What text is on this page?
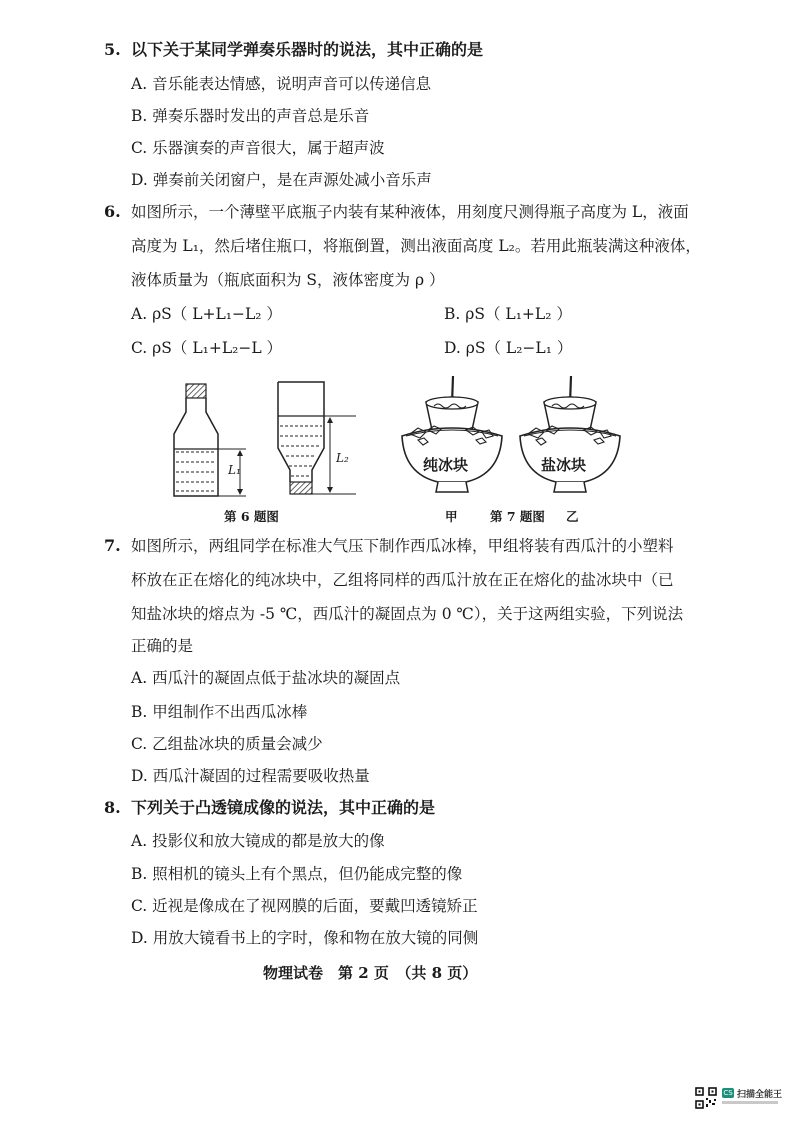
5. 以下关于某同学弹奏乐器时的说法，其中正确的是
A. 音乐能表达情感，说明声音可以传递信息
B. 弹奏乐器时发出的声音总是乐音
C. 乐器演奏的声音很大，属于超声波
D. 弹奏前关闭窗户，是在声源处减小音乐声
6. 如图所示，一个薄壁平底瓶子内装有某种液体，用刻度尺测得瓶子高度为 L，液面
高度为 L₁，然后堵住瓶口，将瓶倒置，测出液面高度 L₂。若用此瓶装满这种液体，
液体质量为（瓶底面积为 S，液体密度为 ρ ）
A. ρS（ L+L₁−L₂ ）	B. ρS（ L₁+L₂ ）
C. ρS（ L₁+L₂−L ）	D. ρS（ L₂−L₁ ）
L₁
L₂	纯冰块	盐冰块
第 6 题图	甲	第 7 题图 乙
7. 如图所示，两组同学在标准大气压下制作西瓜冰棒，甲组将装有西瓜汁的小塑料
杯放在正在熔化的纯冰块中，乙组将同样的西瓜汁放在正在熔化的盐冰块中（已
知盐冰块的熔点为 -5 ℃，西瓜汁的凝固点为 0 ℃），关于这两组实验，下列说法
正确的是
A. 西瓜汁的凝固点低于盐冰块的凝固点
B. 甲组制作不出西瓜冰棒
C. 乙组盐冰块的质量会减少
D. 西瓜汁凝固的过程需要吸收热量
8. 下列关于凸透镜成像的说法，其中正确的是
A. 投影仪和放大镜成的都是放大的像
B. 照相机的镜头上有个黑点，但仍能成完整的像
C. 近视是像成在了视网膜的后面，要戴凹透镜矫正
D. 用放大镜看书上的字时，像和物在放大镜的同侧
物理试卷　第 2 页　（共 8 页）
CS 扫描全能王
